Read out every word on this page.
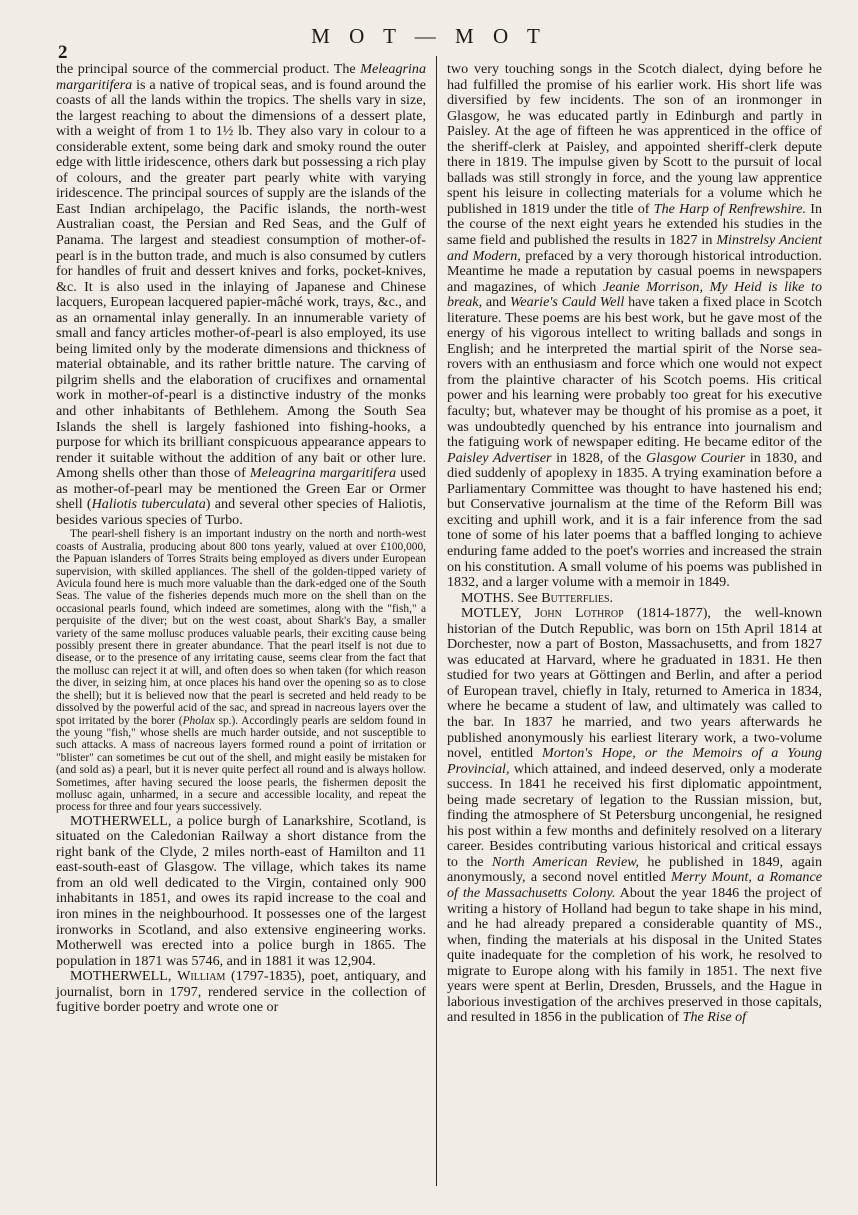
2
M O T — M O T

the principal source of the commercial product. The Meleagrina margaritifera is a native of tropical seas, and is found around the coasts of all the lands within the tropics. The shells vary in size, the largest reaching to about the dimensions of a dessert plate, with a weight of from 1 to 1½ lb. They also vary in colour to a considerable extent, some being dark and smoky round the outer edge with little iridescence, others dark but possessing a rich play of colours, and the greater part pearly white with varying iridescence. The principal sources of supply are the islands of the East Indian archipelago, the Pacific islands, the north-west Australian coast, the Persian and Red Seas, and the Gulf of Panama. The largest and steadiest consumption of mother-of-pearl is in the button trade, and much is also consumed by cutlers for handles of fruit and dessert knives and forks, pocket-knives, &c. It is also used in the inlaying of Japanese and Chinese lacquers, European lacquered papier-mâché work, trays, &c., and as an ornamental inlay generally. In an innumerable variety of small and fancy articles mother-of-pearl is also employed, its use being limited only by the moderate dimensions and thickness of material obtainable, and its rather brittle nature. The carving of pilgrim shells and the elaboration of crucifixes and ornamental work in mother-of-pearl is a distinctive industry of the monks and other inhabitants of Bethlehem. Among the South Sea Islands the shell is largely fashioned into fishing-hooks, a purpose for which its brilliant conspicuous appearance appears to render it suitable without the addition of any bait or other lure. Among shells other than those of Meleagrina margaritifera used as mother-of-pearl may be mentioned the Green Ear or Ormer shell (Haliotis tuberculata) and several other species of Haliotis, besides various species of Turbo.

The pearl-shell fishery is an important industry on the north and north-west coasts of Australia, producing about 800 tons yearly, valued at over £100,000, the Papuan islanders of Torres Straits being employed as divers under European supervision, with skilled appliances. The shell of the golden-tipped variety of Avicula found here is much more valuable than the dark-edged one of the South Seas. The value of the fisheries depends much more on the shell than on the occasional pearls found, which indeed are sometimes, along with the "fish," a perquisite of the diver; but on the west coast, about Shark's Bay, a smaller variety of the same mollusc produces valuable pearls, their exciting cause being possibly present there in greater abundance. That the pearl itself is not due to disease, or to the presence of any irritating cause, seems clear from the fact that the mollusc can reject it at will, and often does so when taken (for which reason the diver, in seizing him, at once places his hand over the opening so as to close the shell); but it is believed now that the pearl is secreted and held ready to be dissolved by the powerful acid of the sac, and spread in nacreous layers over the spot irritated by the borer (Pholax sp.). Accordingly pearls are seldom found in the young "fish," whose shells are much harder outside, and not susceptible to such attacks. A mass of nacreous layers formed round a point of irritation or "blister" can sometimes be cut out of the shell, and might easily be mistaken for (and sold as) a pearl, but it is never quite perfect all round and is always hollow. Sometimes, after having secured the loose pearls, the fishermen deposit the mollusc again, unharmed, in a secure and accessible locality, and repeat the process for three and four years successively.

MOTHERWELL, a police burgh of Lanarkshire, Scotland, is situated on the Caledonian Railway a short distance from the right bank of the Clyde, 2 miles north-east of Hamilton and 11 east-south-east of Glasgow. The village, which takes its name from an old well dedicated to the Virgin, contained only 900 inhabitants in 1851, and owes its rapid increase to the coal and iron mines in the neighbourhood. It possesses one of the largest ironworks in Scotland, and also extensive engineering works. Motherwell was erected into a police burgh in 1865. The population in 1871 was 5746, and in 1881 it was 12,904.

MOTHERWELL, William (1797-1835), poet, antiquary, and journalist, born in 1797, rendered service in the collection of fugitive border poetry and wrote one or

two very touching songs in the Scotch dialect, dying before he had fulfilled the promise of his earlier work. His short life was diversified by few incidents. The son of an ironmonger in Glasgow, he was educated partly in Edinburgh and partly in Paisley. At the age of fifteen he was apprenticed in the office of the sheriff-clerk at Paisley, and appointed sheriff-clerk depute there in 1819. The impulse given by Scott to the pursuit of local ballads was still strongly in force, and the young law apprentice spent his leisure in collecting materials for a volume which he published in 1819 under the title of The Harp of Renfrewshire. In the course of the next eight years he extended his studies in the same field and published the results in 1827 in Minstrelsy Ancient and Modern, prefaced by a very thorough historical introduction. Meantime he made a reputation by casual poems in newspapers and magazines, of which Jeanie Morrison, My Heid is like to break, and Wearie's Cauld Well have taken a fixed place in Scotch literature. These poems are his best work, but he gave most of the energy of his vigorous intellect to writing ballads and songs in English; and he interpreted the martial spirit of the Norse sea-rovers with an enthusiasm and force which one would not expect from the plaintive character of his Scotch poems. His critical power and his learning were probably too great for his executive faculty; but, whatever may be thought of his promise as a poet, it was undoubtedly quenched by his entrance into journalism and the fatiguing work of newspaper editing. He became editor of the Paisley Advertiser in 1828, of the Glasgow Courier in 1830, and died suddenly of apoplexy in 1835. A trying examination before a Parliamentary Committee was thought to have hastened his end; but Conservative journalism at the time of the Reform Bill was exciting and uphill work, and it is a fair inference from the sad tone of some of his later poems that a baffled longing to achieve enduring fame added to the poet's worries and increased the strain on his constitution. A small volume of his poems was published in 1832, and a larger volume with a memoir in 1849.

MOTHS. See Butterflies.

MOTLEY, John Lothrop (1814-1877), the well-known historian of the Dutch Republic, was born on 15th April 1814 at Dorchester, now a part of Boston, Massachusetts, and from 1827 was educated at Harvard, where he graduated in 1831. He then studied for two years at Göttingen and Berlin, and after a period of European travel, chiefly in Italy, returned to America in 1834, where he became a student of law, and ultimately was called to the bar. In 1837 he married, and two years afterwards he published anonymously his earliest literary work, a two-volume novel, entitled Morton's Hope, or the Memoirs of a Young Provincial, which attained, and indeed deserved, only a moderate success. In 1841 he received his first diplomatic appointment, being made secretary of legation to the Russian mission, but, finding the atmosphere of St Petersburg uncongenial, he resigned his post within a few months and definitely resolved on a literary career. Besides contributing various historical and critical essays to the North American Review, he published in 1849, again anonymously, a second novel entitled Merry Mount, a Romance of the Massachusetts Colony. About the year 1846 the project of writing a history of Holland had begun to take shape in his mind, and he had already prepared a considerable quantity of MS., when, finding the materials at his disposal in the United States quite inadequate for the completion of his work, he resolved to migrate to Europe along with his family in 1851. The next five years were spent at Berlin, Dresden, Brussels, and the Hague in laborious investigation of the archives preserved in those capitals, and resulted in 1856 in the publication of The Rise of
